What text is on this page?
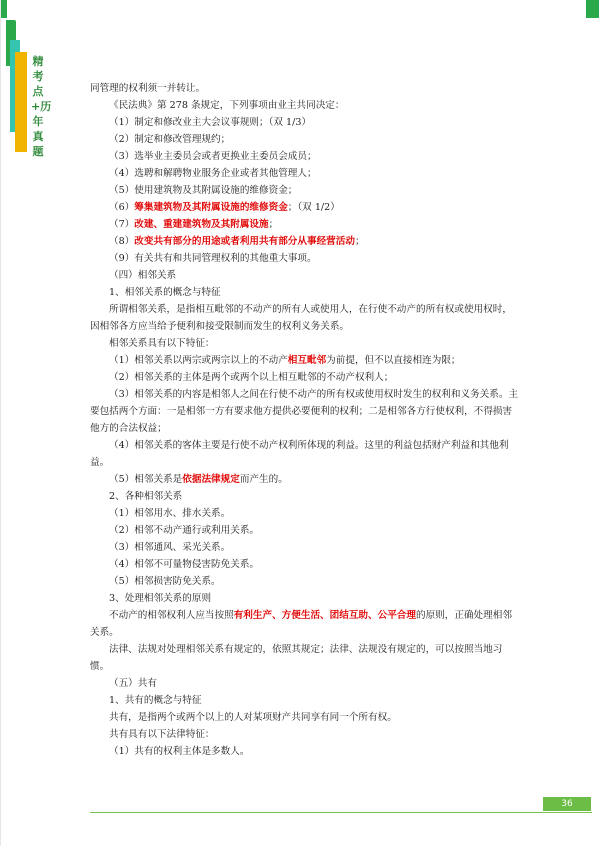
精考点+历年真题

同管理的权利须一并转让。

《民法典》第 278 条规定，下列事项由业主共同决定：

（1）制定和修改业主大会议事规则；（双 1/3）

（2）制定和修改管理规约；

（3）选举业主委员会或者更换业主委员会成员；

（4）选聘和解聘物业服务企业或者其他管理人；

（5）使用建筑物及其附属设施的维修资金；

（6）筹集建筑物及其附属设施的维修资金；（双 1/2）

（7）改建、重建建筑物及其附属设施；

（8）改变共有部分的用途或者利用共有部分从事经营活动；

（9）有关共有和共同管理权利的其他重大事项。

（四）相邻关系

1、相邻关系的概念与特征

所谓相邻关系，是指相互毗邻的不动产的所有人或使用人，在行使不动产的所有权或使用权时，因相邻各方应当给予便利和接受限制而发生的权利义务关系。

相邻关系具有以下特征：

（1）相邻关系以两宗或两宗以上的不动产相互毗邻为前提，但不以直接相连为限；

（2）相邻关系的主体是两个或两个以上相互毗邻的不动产权利人；

（3）相邻关系的内容是相邻人之间在行使不动产的所有权或使用权时发生的权利和义务关系。主要包括两个方面：一是相邻一方有要求他方提供必要便利的权利；二是相邻各方行使权利，不得损害他方的合法权益；

（4）相邻关系的客体主要是行使不动产权利所体现的利益。这里的利益包括财产利益和其他利益。

（5）相邻关系是依据法律规定而产生的。

2、各种相邻关系

（1）相邻用水、排水关系。

（2）相邻不动产通行或利用关系。

（3）相邻通风、采光关系。

（4）相邻不可量物侵害防免关系。

（5）相邻损害防免关系。

3、处理相邻关系的原则

不动产的相邻权利人应当按照有利生产、方便生活、团结互助、公平合理的原则，正确处理相邻关系。

法律、法规对处理相邻关系有规定的，依照其规定；法律、法规没有规定的，可以按照当地习惯。

（五）共有

1、共有的概念与特征

共有，是指两个或两个以上的人对某项财产共同享有同一个所有权。

共有具有以下法律特征：

（1）共有的权利主体是多数人。

36
